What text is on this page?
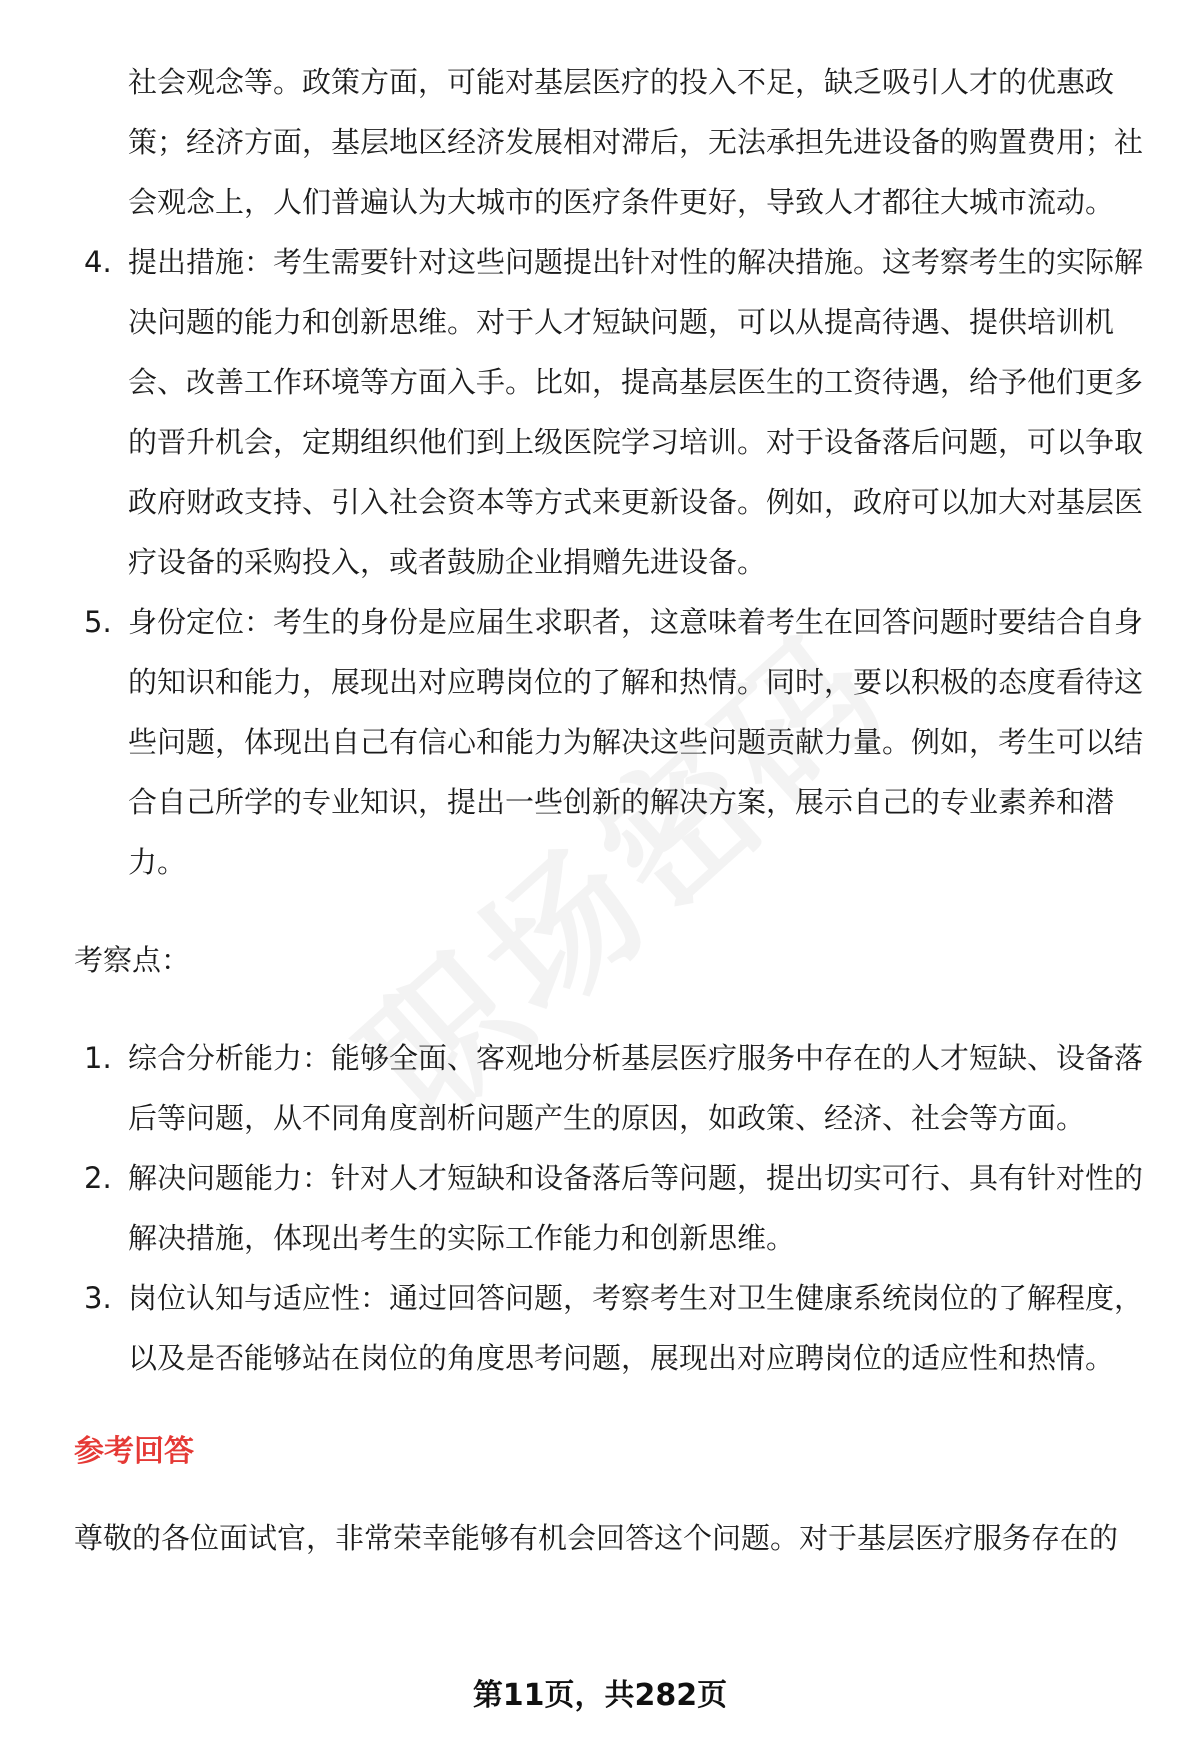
社会观念等。政策方面，可能对基层医疗的投入不足，缺乏吸引人才的优惠政策；经济方面，基层地区经济发展相对滞后，无法承担先进设备的购置费用；社会观念上，人们普遍认为大城市的医疗条件更好，导致人才都往大城市流动。
4. 提出措施：考生需要针对这些问题提出针对性的解决措施。这考察考生的实际解决问题的能力和创新思维。对于人才短缺问题，可以从提高待遇、提供培训机会、改善工作环境等方面入手。比如，提高基层医生的工资待遇，给予他们更多的晋升机会，定期组织他们到上级医院学习培训。对于设备落后问题，可以争取政府财政支持、引入社会资本等方式来更新设备。例如，政府可以加大对基层医疗设备的采购投入，或者鼓励企业捐赠先进设备。
5. 身份定位：考生的身份是应届生求职者，这意味着考生在回答问题时要结合自身的知识和能力，展现出对应聘岗位的了解和热情。同时，要以积极的态度看待这些问题，体现出自己有信心和能力为解决这些问题贡献力量。例如，考生可以结合自己所学的专业知识，提出一些创新的解决方案，展示自己的专业素养和潜力。
考察点：
1. 综合分析能力：能够全面、客观地分析基层医疗服务中存在的人才短缺、设备落后等问题，从不同角度剖析问题产生的原因，如政策、经济、社会等方面。
2. 解决问题能力：针对人才短缺和设备落后等问题，提出切实可行、具有针对性的解决措施，体现出考生的实际工作能力和创新思维。
3. 岗位认知与适应性：通过回答问题，考察考生对卫生健康系统岗位的了解程度，以及是否能够站在岗位的角度思考问题，展现出对应聘岗位的适应性和热情。
参考回答
尊敬的各位面试官，非常荣幸能够有机会回答这个问题。对于基层医疗服务存在的
第11页，共282页
